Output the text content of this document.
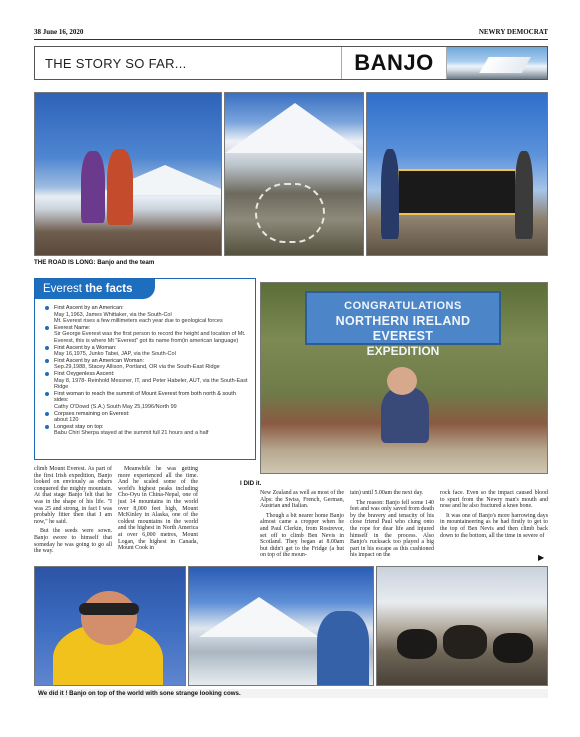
38 June 16, 2020	NEWRY DEMOCRAT
THE STORY SO FAR...	BANJO
THE ROAD IS LONG: Banjo and the team
Everest the facts
First Ascent by an American:
May 1,1963, James Whittaker, via the South-Col
Mt. Everest rises a few millimeters each year due to geological forces
Everest Name:
Sir George Everest was the first person to record the height and location of Mt. Everest, this is where Mt "Everest" got its name from(in american language)
First Ascent by a Woman:
May 16,1975, Junko Tabei, JAP, via the South-Col
First Ascent by an American Woman:
Sep.29,1988, Stacey Allison, Portland, OR via the South-East Ridge
First Oxygenless Ascent:
May 8, 1978- Reinhold Messner, IT, and Peter Habeler, AUT, via the South-East Ridge
First woman to reach the summit of Mount Everest from both north & south sides:
Cathy O'Dowd (S.A.) South May 25,1996/North 99
Corpses remaining on Everest:
about 120
Longest stay on top:
Babu Chiri Sherpa stayed at the summit full 21 hours and a half
CONGRATULATIONS
NORTHERN IRELAND EVEREST
EXPEDITION
I DID it.

climb Mount Everest. As part of the first Irish expedition, Banjo looked on enviously as others conquered the mighty mountain. At that stage Banjo felt that he was in the shape of his life. "I was 25 and strong, in fact I was probably fitter then that I am now," he said.

But the seeds were sown. Banjo swore to himself that someday he was going to go all the way.

Meanwhile he was getting more experienced all the time. And he scaled some of the world's highest peaks including Cho-Oyu in China-Nepal, one of just 14 mountains in the world over 8,000 feet high, Mount McKinley in Alaska, one of the coldest mountains in the world and the highest in North America at over 6,000 metres, Mount Logan, the highest in Canada, Mount Cook in

New Zealand as well as most of the Alps: the Swiss, French, German, Austrian and Italian.

Though a bit nearer home Banjo almost came a cropper when he and Paul Clerkin, from Rostrevor, set off to climb Ben Nevis in Scotland. They began at 8.00am but didn't get to the Fridge (a hut on top of the moun-

tain) until 5.00am the next day.

The reason: Banjo fell some 140 feet and was only saved from death by the bravery and tenacity of his close friend Paul who clung onto the rope for dear life and injured himself in the process. Also Banjo's rucksack too played a big part in his escape as this cushioned his impact on the

rock face. Even so the impact caused blood to spurt from the Newry man's mouth and nose and he also fractured a knee bone.

It was one of Banjo's more harrowing days in mountaineering as he had firstly to get to the top of Ben Nevis and then climb back down to the bottom, all the time in severe of

▶
We did it ! Banjo on top of the world with sone strange looking cows.
